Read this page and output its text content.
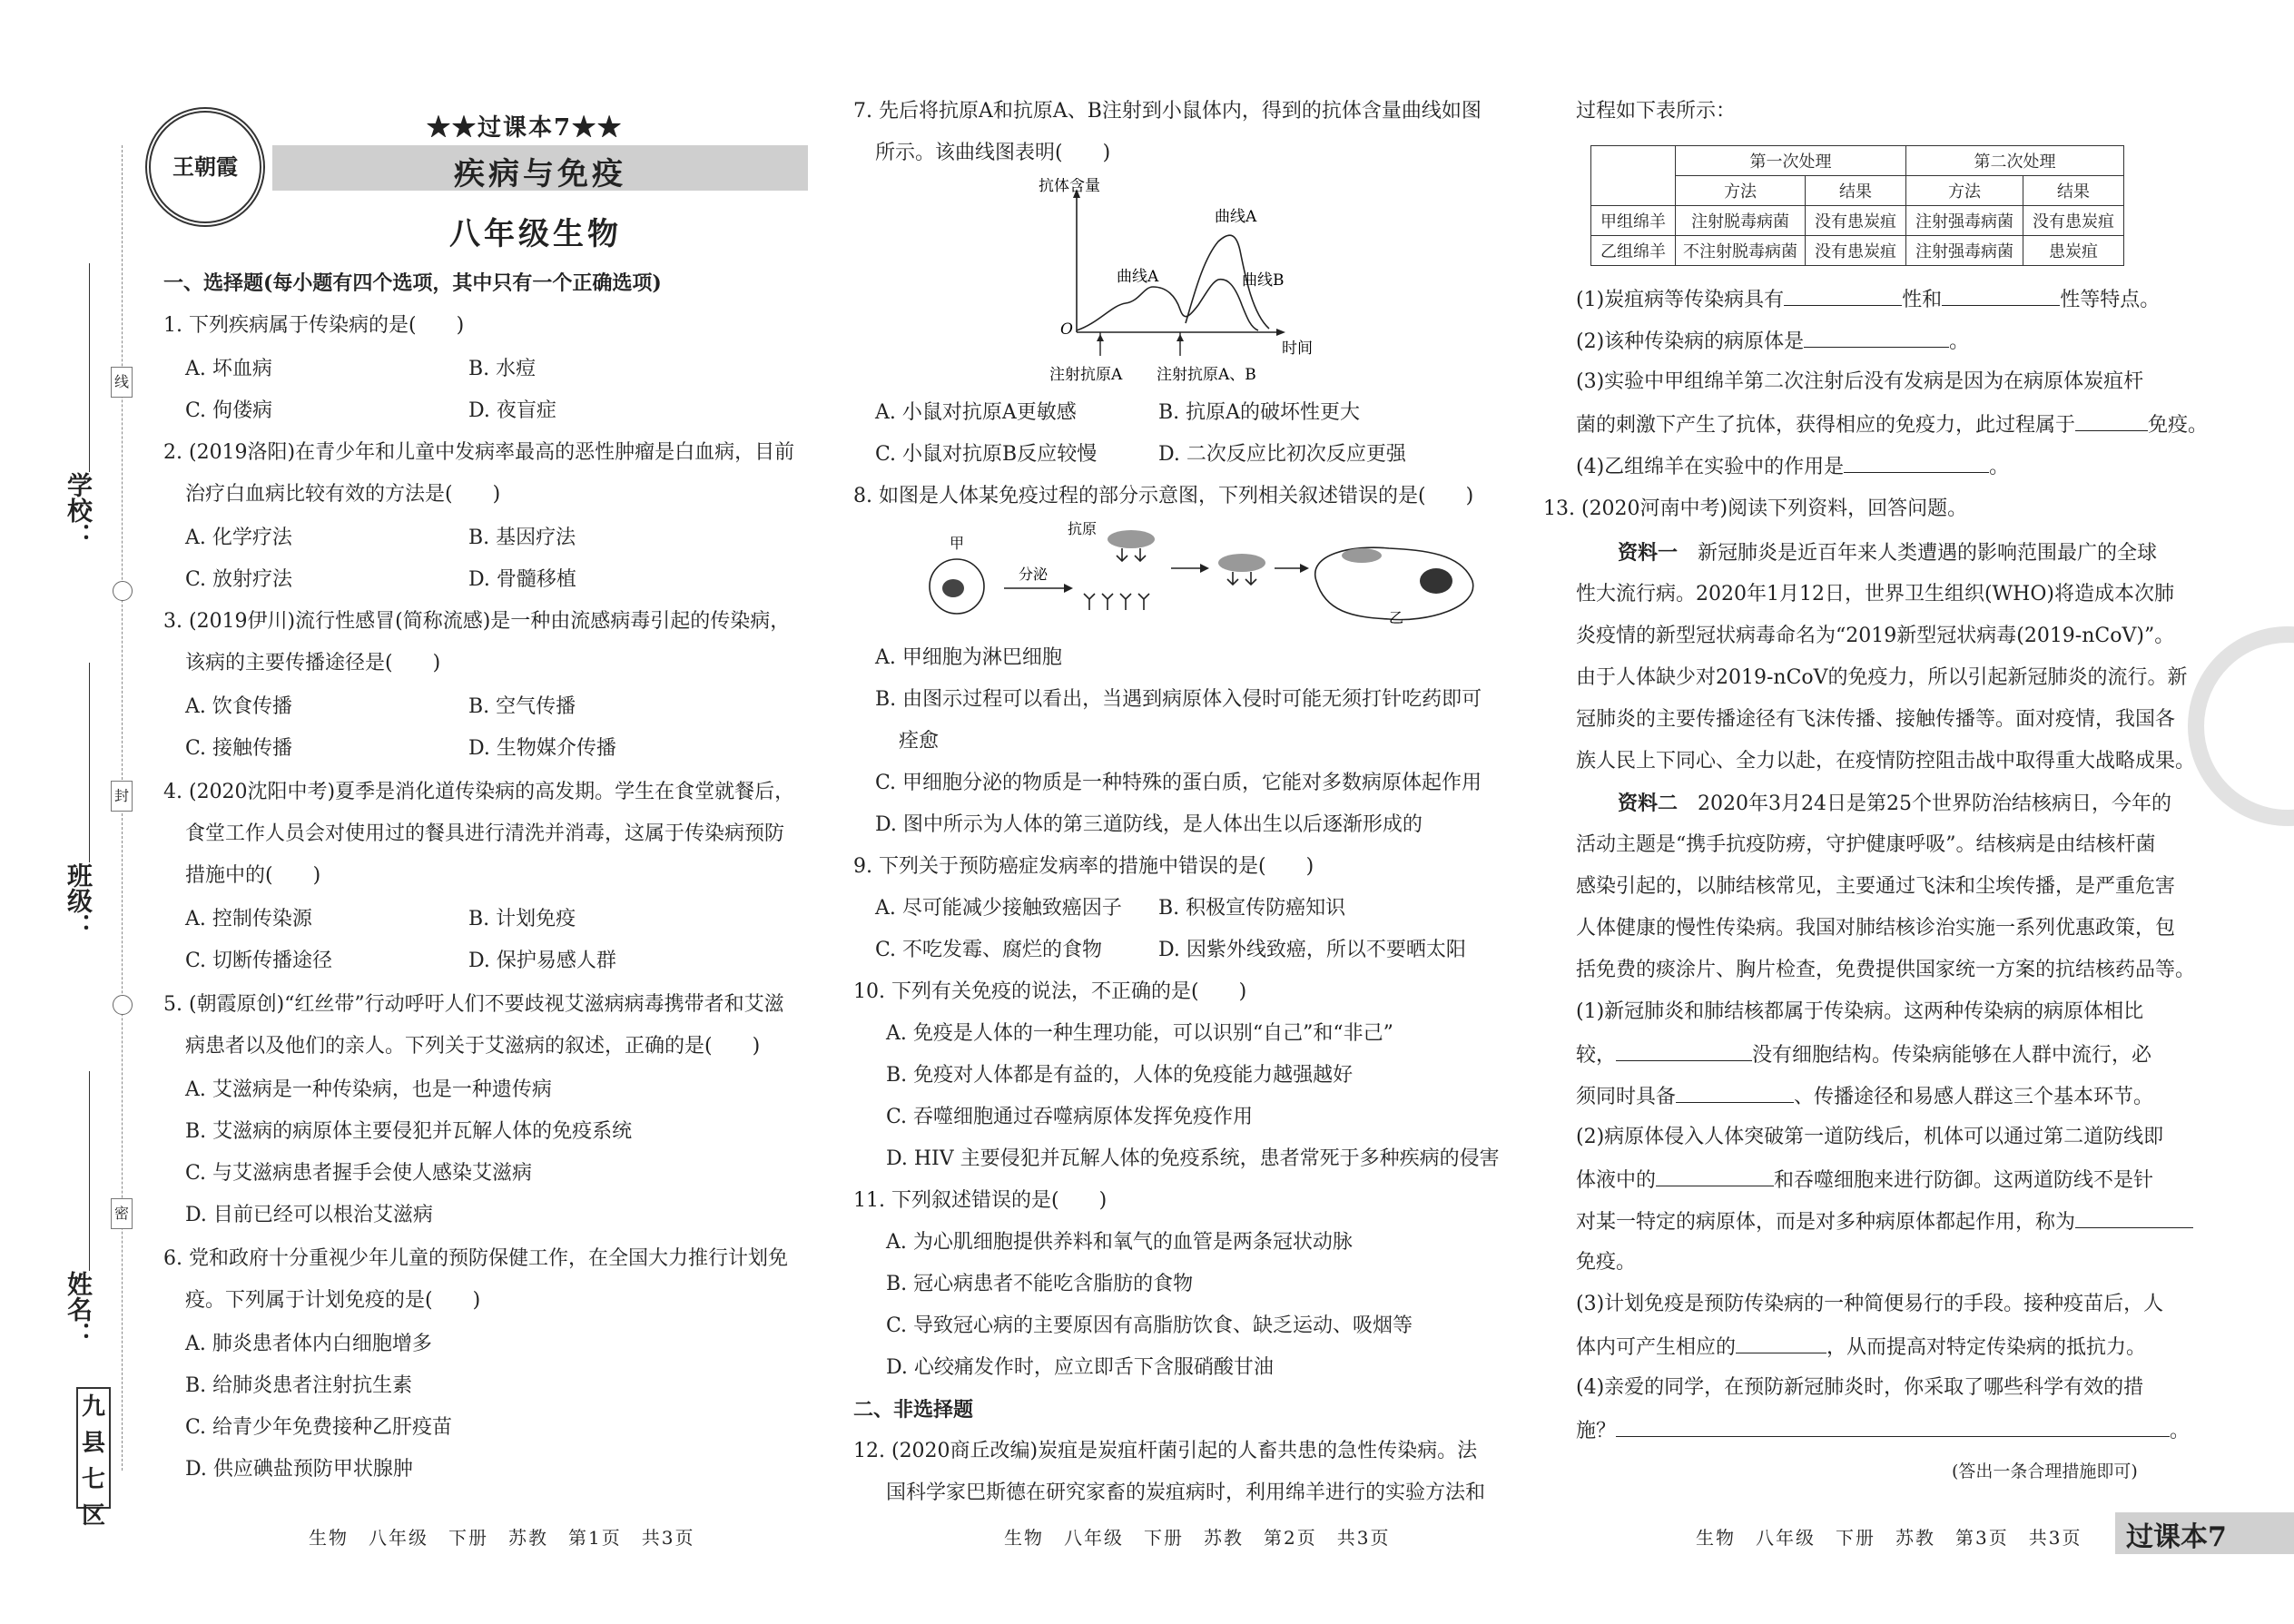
学校：
班级：
姓名：
线
封
密
九县七区
王朝霞
★★过课本7★★
疾病与免疫
八年级生物
一、选择题(每小题有四个选项，其中只有一个正确选项)
1. 下列疾病属于传染病的是(　　)
A. 坏血病	B. 水痘
C. 佝偻病	D. 夜盲症
2. (2019洛阳)在青少年和儿童中发病率最高的恶性肿瘤是白血病，目前
治疗白血病比较有效的方法是(　　)
A. 化学疗法	B. 基因疗法
C. 放射疗法	D. 骨髓移植
3. (2019伊川)流行性感冒(简称流感)是一种由流感病毒引起的传染病，
该病的主要传播途径是(　　)
A. 饮食传播	B. 空气传播
C. 接触传播	D. 生物媒介传播
4. (2020沈阳中考)夏季是消化道传染病的高发期。学生在食堂就餐后，
食堂工作人员会对使用过的餐具进行清洗并消毒，这属于传染病预防
措施中的(　　)
A. 控制传染源	B. 计划免疫
C. 切断传播途径	D. 保护易感人群
5. (朝霞原创)“红丝带”行动呼吁人们不要歧视艾滋病病毒携带者和艾滋
病患者以及他们的亲人。下列关于艾滋病的叙述，正确的是(　　)
A. 艾滋病是一种传染病，也是一种遗传病
B. 艾滋病的病原体主要侵犯并瓦解人体的免疫系统
C. 与艾滋病患者握手会使人感染艾滋病
D. 目前已经可以根治艾滋病
6. 党和政府十分重视少年儿童的预防保健工作，在全国大力推行计划免
疫。下列属于计划免疫的是(　　)
A. 肺炎患者体内白细胞增多
B. 给肺炎患者注射抗生素
C. 给青少年免费接种乙肝疫苗
D. 供应碘盐预防甲状腺肿
生物　八年级　下册　苏教　第1页　共3页
7. 先后将抗原A和抗原A、B注射到小鼠体内，得到的抗体含量曲线如图
所示。该曲线图表明(　　)
抗体含量
时间
O
曲线A
曲线A
曲线B
注射抗原A 注射抗原A、B
A. 小鼠对抗原A更敏感	B. 抗原A的破坏性更大
C. 小鼠对抗原B反应较慢	D. 二次反应比初次反应更强
8. 如图是人体某免疫过程的部分示意图，下列相关叙述错误的是(　　)
甲
分泌
抗原
乙
A. 甲细胞为淋巴细胞
B. 由图示过程可以看出，当遇到病原体入侵时可能无须打针吃药即可
痊愈
C. 甲细胞分泌的物质是一种特殊的蛋白质，它能对多数病原体起作用
D. 图中所示为人体的第三道防线，是人体出生以后逐渐形成的
9. 下列关于预防癌症发病率的措施中错误的是(　　)
A. 尽可能减少接触致癌因子 B. 积极宣传防癌知识
C. 不吃发霉、腐烂的食物	D. 因紫外线致癌，所以不要晒太阳
10. 下列有关免疫的说法，不正确的是(　　)
A. 免疫是人体的一种生理功能，可以识别“自己”和“非己”
B. 免疫对人体都是有益的，人体的免疫能力越强越好
C. 吞噬细胞通过吞噬病原体发挥免疫作用
D. HIV 主要侵犯并瓦解人体的免疫系统，患者常死于多种疾病的侵害
11. 下列叙述错误的是(　　)
A. 为心肌细胞提供养料和氧气的血管是两条冠状动脉
B. 冠心病患者不能吃含脂肪的食物
C. 导致冠心病的主要原因有高脂肪饮食、缺乏运动、吸烟等
D. 心绞痛发作时，应立即舌下含服硝酸甘油
二、非选择题
12. (2020商丘改编)炭疽是炭疽杆菌引起的人畜共患的急性传染病。法
国科学家巴斯德在研究家畜的炭疽病时，利用绵羊进行的实验方法和
生物　八年级　下册　苏教　第2页　共3页
过程如下表所示：
	第一次处理		第二次处理	
	方法	结果	方法	结果
甲组绵羊	注射脱毒病菌	没有患炭疽	注射强毒病菌	没有患炭疽
乙组绵羊	不注射脱毒病菌	没有患炭疽	注射强毒病菌	患炭疽
(1)炭疽病等传染病具有	性和	性等特点。
(2)该种传染病的病原体是	。
(3)实验中甲组绵羊第二次注射后没有发病是因为在病原体炭疽杆
菌的刺激下产生了抗体，获得相应的免疫力，此过程属于	免疫。
(4)乙组绵羊在实验中的作用是	。
13. (2020河南中考)阅读下列资料，回答问题。
资料一　 新冠肺炎是近百年来人类遭遇的影响范围最广的全球
性大流行病。2020年1月12日，世界卫生组织(WHO)将造成本次肺
炎疫情的新型冠状病毒命名为“2019新型冠状病毒(2019-nCoV)”。
由于人体缺少对2019-nCoV的免疫力，所以引起新冠肺炎的流行。新
冠肺炎的主要传播途径有飞沫传播、接触传播等。面对疫情，我国各
族人民上下同心、全力以赴，在疫情防控阻击战中取得重大战略成果。
资料二　 2020年3月24日是第25个世界防治结核病日，今年的
活动主题是“携手抗疫防痨，守护健康呼吸”。结核病是由结核杆菌
感染引起的，以肺结核常见，主要通过飞沫和尘埃传播，是严重危害
人体健康的慢性传染病。我国对肺结核诊治实施一系列优惠政策，包
括免费的痰涂片、胸片检查，免费提供国家统一方案的抗结核药品等。
(1)新冠肺炎和肺结核都属于传染病。这两种传染病的病原体相比
较，	没有细胞结构。传染病能够在人群中流行，必
须同时具备	、传播途径和易感人群这三个基本环节。
(2)病原体侵入人体突破第一道防线后，机体可以通过第二道防线即
体液中的	和吞噬细胞来进行防御。这两道防线不是针
对某一特定的病原体，而是对多种病原体都起作用，称为
免疫。
(3)计划免疫是预防传染病的一种简便易行的手段。接种疫苗后，人
体内可产生相应的	，从而提高对特定传染病的抵抗力。
(4)亲爱的同学，在预防新冠肺炎时，你采取了哪些科学有效的措
施？	。
(答出一条合理措施即可)
生物　八年级　下册　苏教　第3页　共3页 过课本7
